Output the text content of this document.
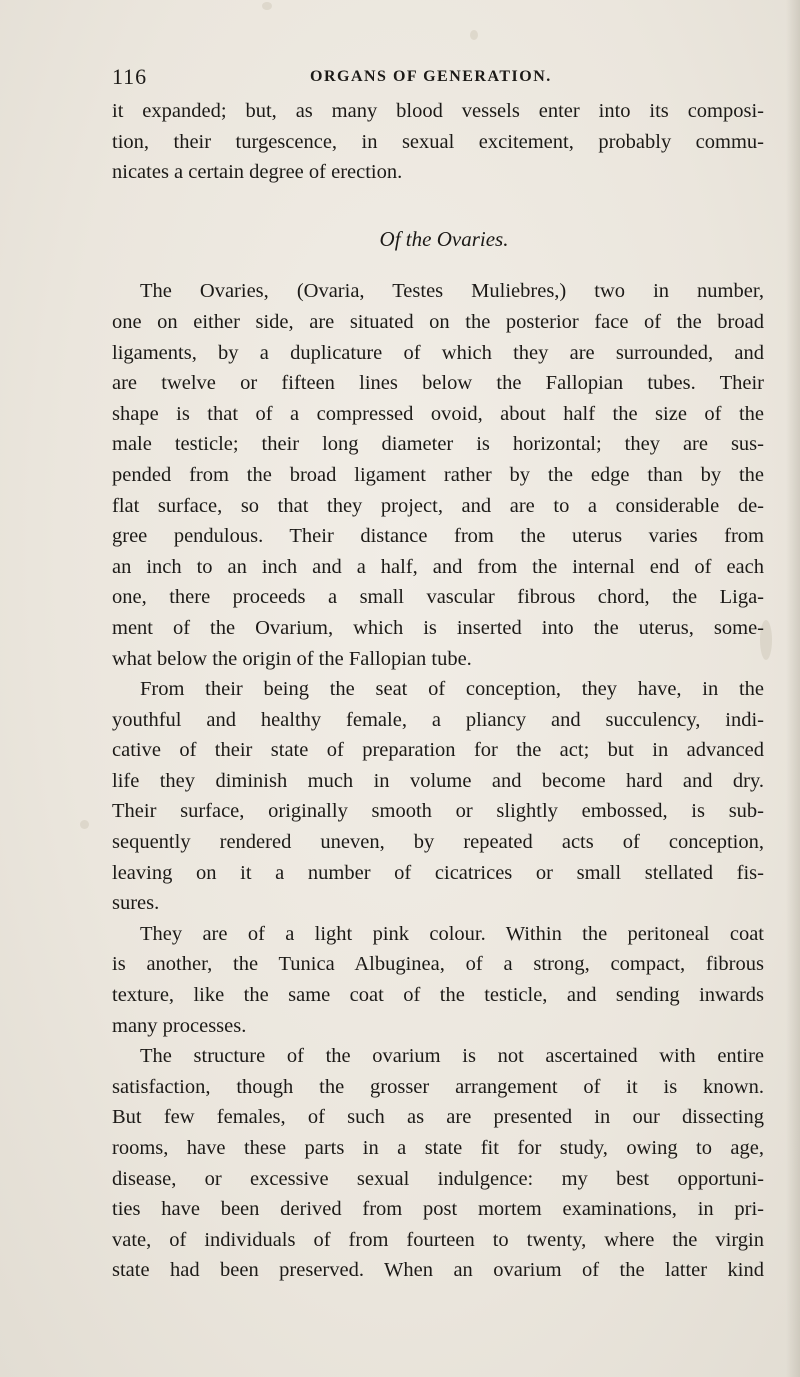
116	ORGANS OF GENERATION.
it expanded; but, as many blood vessels enter into its composi-
tion, their turgescence, in sexual excitement, probably commu-
nicates a certain degree of erection.
Of the Ovaries.
The Ovaries, (Ovaria, Testes Muliebres,) two in number,
one on either side, are situated on the posterior face of the broad
ligaments, by a duplicature of which they are surrounded, and
are twelve or fifteen lines below the Fallopian tubes. Their
shape is that of a compressed ovoid, about half the size of the
male testicle; their long diameter is horizontal; they are sus-
pended from the broad ligament rather by the edge than by the
flat surface, so that they project, and are to a considerable de-
gree pendulous. Their distance from the uterus varies from
an inch to an inch and a half, and from the internal end of each
one, there proceeds a small vascular fibrous chord, the Liga-
ment of the Ovarium, which is inserted into the uterus, some-
what below the origin of the Fallopian tube.
From their being the seat of conception, they have, in the
youthful and healthy female, a pliancy and succulency, indi-
cative of their state of preparation for the act; but in advanced
life they diminish much in volume and become hard and dry.
Their surface, originally smooth or slightly embossed, is sub-
sequently rendered uneven, by repeated acts of conception,
leaving on it a number of cicatrices or small stellated fis-
sures.
They are of a light pink colour. Within the peritoneal coat
is another, the Tunica Albuginea, of a strong, compact, fibrous
texture, like the same coat of the testicle, and sending inwards
many processes.
The structure of the ovarium is not ascertained with entire
satisfaction, though the grosser arrangement of it is known.
But few females, of such as are presented in our dissecting
rooms, have these parts in a state fit for study, owing to age,
disease, or excessive sexual indulgence: my best opportuni-
ties have been derived from post mortem examinations, in pri-
vate, of individuals of from fourteen to twenty, where the virgin
state had been preserved. When an ovarium of the latter kind
